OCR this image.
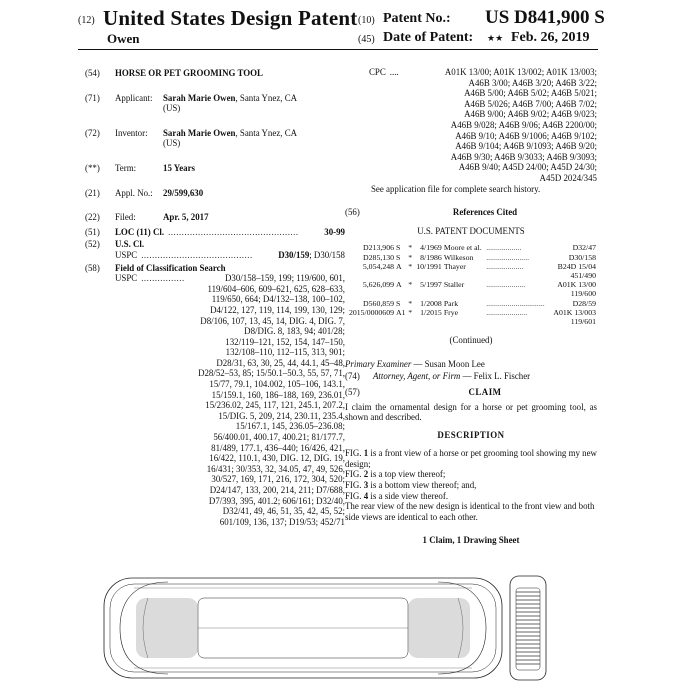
(12) United States Design Patent
Owen
(10) Patent No.: US D841,900 S
(45) Date of Patent: ★★ Feb. 26, 2019
(54)	HORSE OR PET GROOMING TOOL
(71)	Applicant:	Sarah Marie Owen, Santa Ynez, CA
(US)
(72)	Inventor:	Sarah Marie Owen, Santa Ynez, CA
(US)
(**)	Term:	15 Years
(21)	Appl. No.:	29/599,630
(22)	Filed:	Apr. 5, 2017
(51)	LOC (11) Cl. ................................................	30-99
(52)	U.S. Cl.
USPC .........................................	D30/159 ; D30/158
(58)	Field of Classification Search
USPC ................	D30/158–159, 199; 119/600, 601,
119/604–606, 609–621, 625, 628–633,
119/650, 664; D4/132–138, 100–102,
D4/122, 127, 119, 114, 199, 130, 129;
D8/106, 107, 13, 45, 14, DIG. 4, DIG. 7,
D8/DIG. 8, 183, 94; 401/28;
132/119–121, 152, 154, 147–150,
132/108–110, 112–115, 313, 901;
D28/31, 63, 30, 25, 44, 44.1, 45–48,
D28/52–53, 85; 15/50.1–50.3, 55, 57, 71,
15/77, 79.1, 104.002, 105–106, 143.1,
15/159.1, 160, 186–188, 169, 236.01,
15/236.02, 245, 117, 121, 245.1, 207.2,
15/DIG. 5, 209, 214, 230.11, 235.4,
15/167.1, 145, 236.05–236.08;
56/400.01, 400.17, 400.21; 81/177.7,
81/489, 177.1, 436–440; 16/426, 421,
16/422, 110.1, 430, DIG. 12, DIG. 19,
16/431; 30/353, 32, 34.05, 47, 49, 526,
30/527, 169, 171, 216, 172, 304, 520;
D24/147, 133, 200, 214, 211; D7/688,
D7/393, 395, 401.2; 606/161; D32/40,
D32/41, 49, 46, 51, 35, 42, 45, 52;
601/109, 136, 137; D19/53; 452/71
CPC ....	A01K 13/00; A01K 13/002; A01K 13/003;
A46B 3/00; A46B 3/20; A46B 3/22;
A46B 5/00; A46B 5/02; A46B 5/021;
A46B 5/026; A46B 7/00; A46B 7/02;
A46B 9/00; A46B 9/02; A46B 9/023;
A46B 9/028; A46B 9/06; A46B 2200/00;
A46B 9/10; A46B 9/1006; A46B 9/102;
A46B 9/104; A46B 9/1093; A46B 9/20;
A46B 9/30; A46B 9/3033; A46B 9/3093;
A46B 9/40; A45D 24/00; A45D 24/30;
A45D 2024/345
See application file for complete search history.
(56)	References Cited
U.S. PATENT DOCUMENTS
D213,906	S	*	4/1969	Moore et al.	..................	D32/47
D285,130	S	*	8/1986	Wilkeson	......................	D30/158
5,054,248	A	*	10/1991	Thayer	...................	B24D 15/04
451/490						
5,626,099	A	*	5/1997	Staller	....................	A01K 13/00
119/600						
D560,859	S	*	1/2008	Park	..............................	D28/59
2015/0000609	A1	*	1/2015	Frye	.....................	A01K 13/003
119/601						
(Continued)
Primary Examiner — Susan Moon Lee
(74)	Attorney, Agent, or Firm — Felix L. Fischer
(57)	CLAIM
I claim the ornamental design for a horse or pet grooming tool, as shown and described.
DESCRIPTION
FIG. 1 is a front view of a horse or pet grooming tool showing my new design;
FIG. 2 is a top view thereof;
FIG. 3 is a bottom view thereof; and,
FIG. 4 is a side view thereof.
The rear view of the new design is identical to the front view and both side views are identical to each other.
1 Claim, 1 Drawing Sheet
